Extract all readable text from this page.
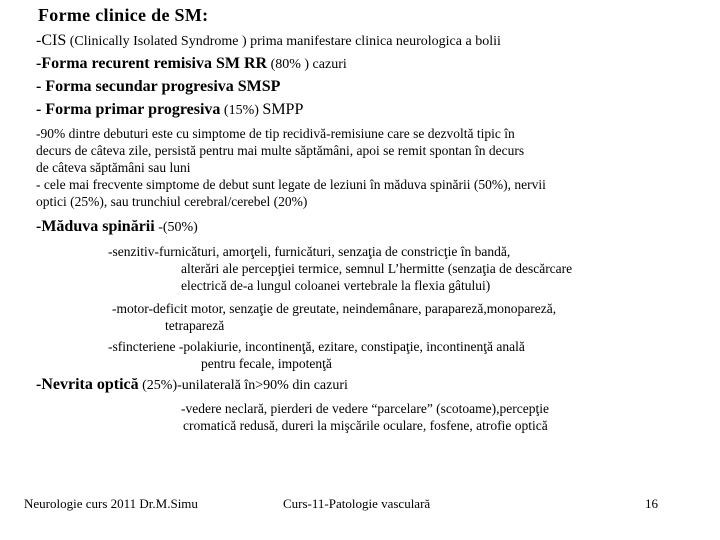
Forme clinice de SM:
-CIS (Clinically Isolated Syndrome ) prima manifestare clinica neurologica a bolii
-Forma recurent remisiva SM RR (80% ) cazuri
- Forma secundar progresiva SMSP
- Forma primar progresiva (15%) SMPP
-90% dintre debuturi este cu simptome de tip recidivă-remisiune care se dezvoltă tipic în
decurs de câteva zile, persistă pentru mai multe săptămâni, apoi se remit spontan în decurs
de câteva săptămâni sau luni
- cele mai frecvente simptome de debut sunt legate de leziuni în măduva spinării (50%), nervii
optici (25%), sau trunchiul cerebral/cerebel (20%)
-Măduva spinării -(50%)
-senzitiv-furnicături, amorţeli, furnicături, senzaţia de constricţie în bandă,
alterări ale percepţiei termice, semnul L’hermitte (senzaţia de descărcare
electrică de-a lungul coloanei vertebrale la flexia gâtului)
-motor-deficit motor, senzaţie de greutate, neindemânare, parapareză,monopareză,
tetrapareză
-sfincteriene -polakiurie, incontinenţă, ezitare, constipaţie, incontinenţă anală
pentru fecale, impotenţă
-Nevrita optică (25%)-unilaterală în>90% din cazuri
-vedere neclară, pierderi de vedere “parcelare” (scotoame),percepţie
cromatică redusă, dureri la mişcările oculare, fosfene, atrofie optică
Neurologie curs 2011 Dr.M.Simu	Curs-11-Patologie vasculară	16
